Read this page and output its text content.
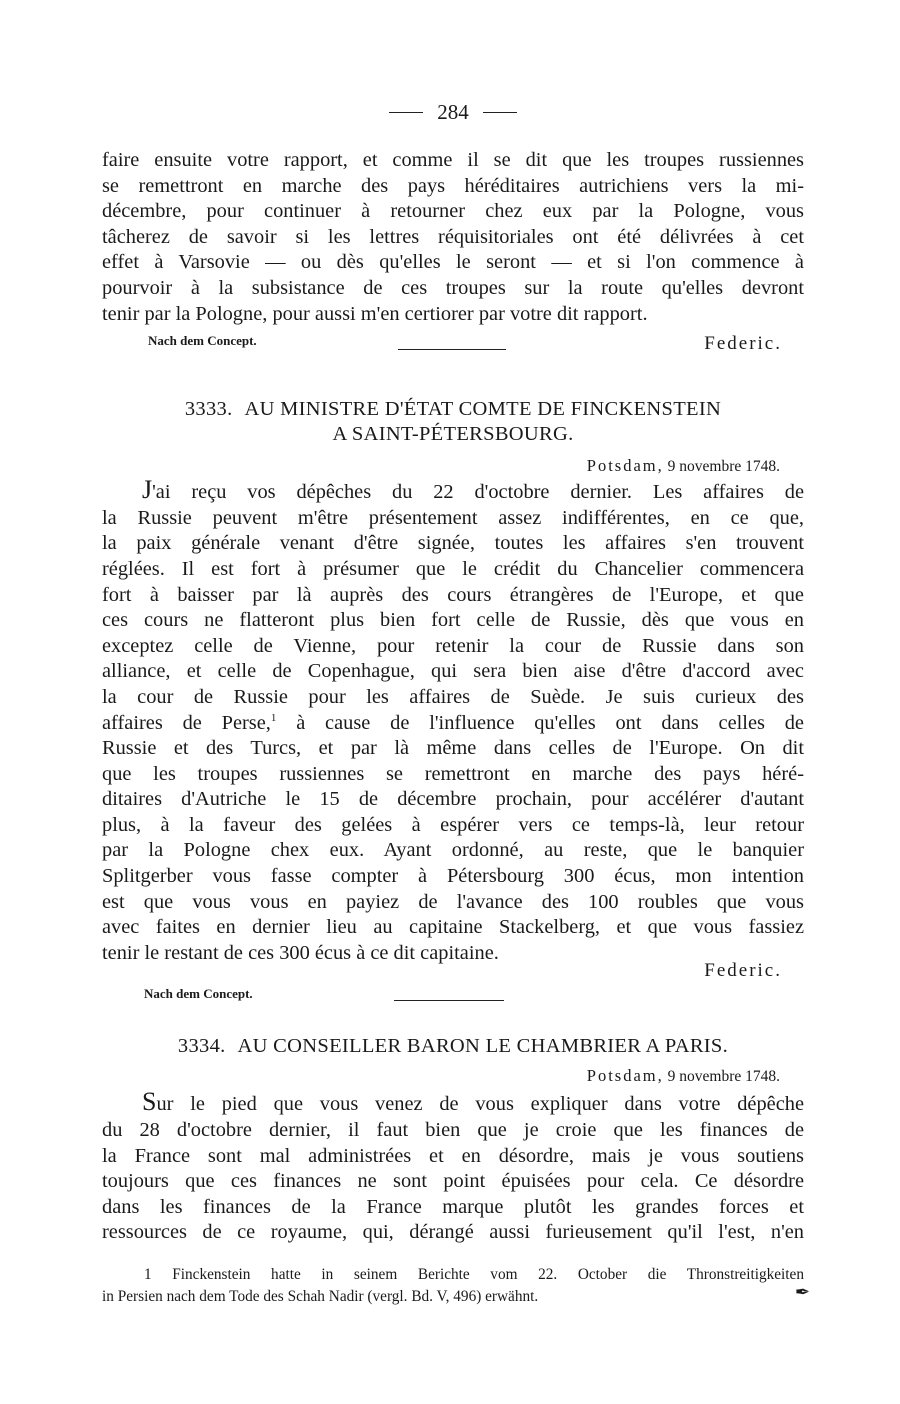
284
faire ensuite votre rapport, et comme il se dit que les troupes russiennes
se remettront en marche des pays héréditaires autrichiens vers la mi-
décembre, pour continuer à retourner chez eux par la Pologne, vous
tâcherez de savoir si les lettres réquisitoriales ont été délivrées à cet
effet à Varsovie — ou dès qu'elles le seront — et si l'on commence à
pourvoir à la subsistance de ces troupes sur la route qu'elles devront
tenir par la Pologne, pour aussi m'en certiorer par votre dit rapport.
Nach dem Concept.	Federic.
3333. AU MINISTRE D'ÉTAT COMTE DE FINCKENSTEIN
A SAINT-PÉTERSBOURG.
Potsdam, 9 novembre 1748.
J'ai reçu vos dépêches du 22 d'octobre dernier. Les affaires de
la Russie peuvent m'être présentement assez indifférentes, en ce que,
la paix générale venant d'être signée, toutes les affaires s'en trouvent
réglées. Il est fort à présumer que le crédit du Chancelier commencera
fort à baisser par là auprès des cours étrangères de l'Europe, et que
ces cours ne flatteront plus bien fort celle de Russie, dès que vous en
exceptez celle de Vienne, pour retenir la cour de Russie dans son
alliance, et celle de Copenhague, qui sera bien aise d'être d'accord avec
la cour de Russie pour les affaires de Suède. Je suis curieux des
affaires de Perse,$^1$ à cause de l'influence qu'elles ont dans celles de
Russie et des Turcs, et par là même dans celles de l'Europe. On dit
que les troupes russiennes se remettront en marche des pays héré-
ditaires d'Autriche le 15 de décembre prochain, pour accélérer d'autant
plus, à la faveur des gelées à espérer vers ce temps-là, leur retour
par la Pologne chex eux. Ayant ordonné, au reste, que le banquier
Splitgerber vous fasse compter à Pétersbourg 300 écus, mon intention
est que vous vous en payiez de l'avance des 100 roubles que vous
avec faites en dernier lieu au capitaine Stackelberg, et que vous fassiez
tenir le restant de ces 300 écus à ce dit capitaine.
Federic.
Nach dem Concept.
3334. AU CONSEILLER BARON LE CHAMBRIER A PARIS.
Potsdam, 9 novembre 1748.
Sur le pied que vous venez de vous expliquer dans votre dépêche
du 28 d'octobre dernier, il faut bien que je croie que les finances de
la France sont mal administrées et en désordre, mais je vous soutiens
toujours que ces finances ne sont point épuisées pour cela. Ce désordre
dans les finances de la France marque plutôt les grandes forces et
ressources de ce royaume, qui, dérangé aussi furieusement qu'il l'est, n'en
1 Finckenstein hatte in seinem Berichte vom 22. October die Thronstreitigkeiten
in Persien nach dem Tode des Schah Nadir (vergl. Bd. V, 496) erwähnt.	✒
